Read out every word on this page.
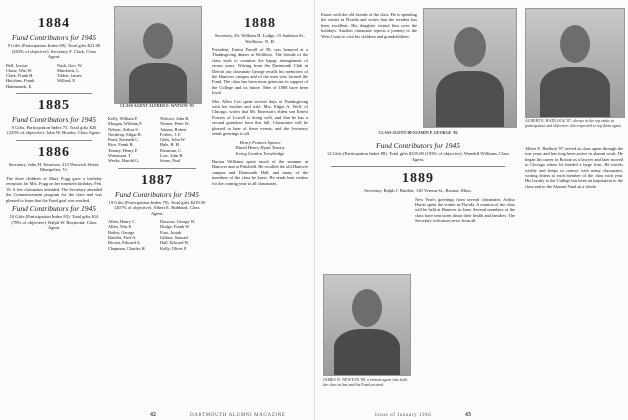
1884
Fund Contributors for 1945
9 Gifts (Participation Index 69). Total gifts $21.00 (263% of objective). Secretary F. Clark, Class Agent.
Bell, Lucius
Chase, Wm W.
Clark, Frank H.
Hutchins, Frank
Hammonds, E.
Nash, Geo. W.
Marchetti, L.
Tildett, James
Willard, E.
1885
Fund Contributors for 1945
9 Gifts, Participation Index 75. Total gifts $20 (235% of objective). John W. Brooks, Class Agent.
1886
Secretary, John H. Emerson, 213 Warwick Street, Montpelier, Vt.
The three children of Mary Fogg gave a birthday reception for Mrs. Fogg on her ninetieth birthday, Feb. 10. A few classmates attended. The Secretary attended the Commencement program for the class and was pleased to learn that the Fund goal was reached.
Fund Contributors for 1945
10 Gifts (Participation Index 83). Total gifts $14 (78% of objective). Ralph W. Raymond, Class Agent.
CLASS AGENT ALFRED E. WATSON '83
Kelly, William F.
Morgan, William F.
Nelson, Arthur S.
Northrop, Edgar R.
Pearl, Kenneth C.
Rice, Frank B.
Tenney, Henry F.
Waterman, T.
Weeks, Harold G.
Wolcott, John R.
Wynne, Peter W.
Adams, Robert
Forbes, J. F.
Giles, John W.
Hale, R. H.
Kinsman, C.
Low, John B.
Stone, Paul
1887
Fund Contributors for 1945
19 Gifts (Participation Index 79). Total gifts $219.50 (207% of objective). Albert E. Hubbard, Class Agent.
Allen, Henry C.
Allen, Wm E.
Bailey, George
Bartlett, Fred A.
Brown, Edward A.
Chapman, Charles H.
Dawson, George W.
Dodge, Frank W.
Foss, Josiah
Gilbert, Samuel
Hall, Edward W.
Kelly, Oliver P.
1888
Secretary, Dr. William H. Lodge, 15 Sanborn St., Wolfboro, N. H.
President, Ernest Farrell of 98, was honored at a Thanksgiving dinner at Wolfboro. The friends of the class wish to continue the happy arrangement of recent years. Writing from the Dartmouth Club in Detroit our classmate George recalls his memories of the Hanover campus and of the men who formed the Fund. The class has been most generous in support of the College and its future. Men of 1888 have been loyal.
Mrs. Allen Cox spent several days at Thanksgiving with her brother and wife. Mrs. Edgar A. Wolf, of Chicago, writes that Mr. Emerson's eldest son Ernest Powers of Lowell is doing well, and that he has a second grandson born this fall. Classmates will be pleased to hear of these events, and the Secretary sends greetings to all.
Henry Francis Spence
David Henry Hyatt Tenney
Irving Gordon Trowbridge
Burton Williams spent much of the summer at Hanover and at Pittsfield. He recalled the old Hanover campus and Dartmouth Hall, and many of the members of the class he knew. He sends best wishes for the coming year to all classmates.
42	DARTMOUTH ALUMNI MAGAZINE
Easter with the old friends of the class. He is spending the winter in Florida and writes that the weather has been excellent. His daughter visited him over the holidays. Another classmate reports a journey to the West Coast to visit his children and grandchildren.
CLASS AGENT BENJAMIN P. GEORGE '86
Fund Contributors for 1945
12 Gifts (Participation Index 88). Total gifts $335.00 (193% of objective). Wendell Williams, Class Agent.
1889
Secretary, Ralph J. Bartlett, 140 Vernon St., Boston, Mass.
New Year's greetings from several classmates. Arthur Harris spent the winter in Florida. A reunion of the class will be held at Hanover in June. Several members of the class have sent notes about their health and families. The Secretary welcomes news from all.
JAMES W. NEWTON '88, a veteran agent who held the class in line and the Fund secured.
ALBERT E. HADLOCK '87, always in the top ranks in participation and objective, who expected to top them again.
Albert E. Hadlock '87 served as class agent through the war years and has long been active in alumni work. He began his career in Boston as a lawyer and later moved to Chicago where he headed a large firm. He travels widely and keeps in contact with many classmates, writing letters to each member of the class each year. His loyalty to the College has been an inspiration to the class and to the Alumni Fund as a whole.
Issue of January 1946	43
